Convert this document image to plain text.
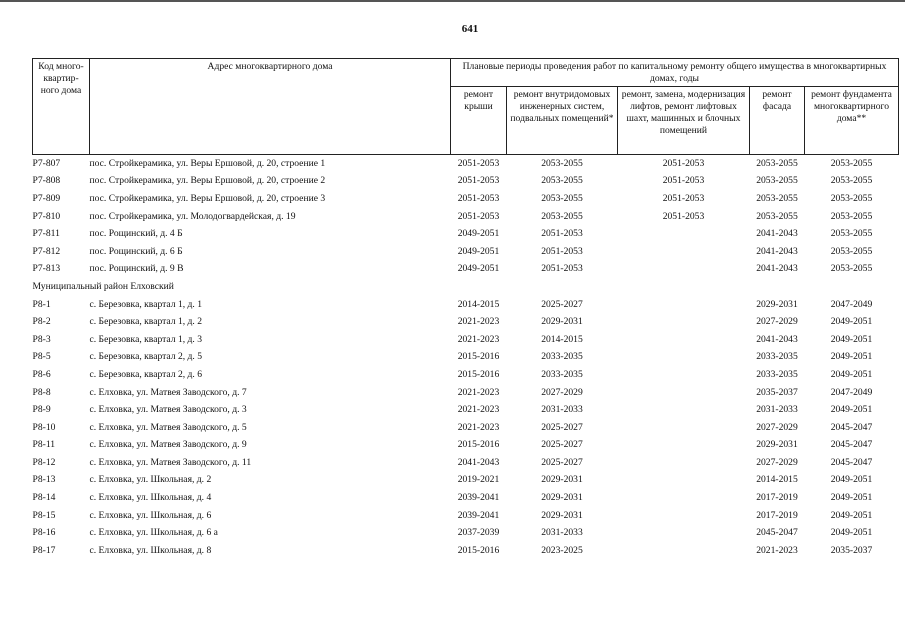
641
Код много-квартир-ного дома	Адрес многоквартирного дома	Плановые периоды проведения работ по капитальному ремонту общего имущества в многоквартирных домах, годы				
		ремонт крыши	ремонт внутридомовых инженерных систем, подвальных помещений*	ремонт, замена, модернизация лифтов, ремонт лифтовых шахт, машинных и блочных помещений	ремонт фасада	ремонт фундамента многоквартирного дома**
Р7-807	пос. Стройкерамика, ул. Веры Ершовой, д. 20, строение 1	2051-2053	2053-2055	2051-2053	2053-2055	2053-2055
Р7-808	пос. Стройкерамика, ул. Веры Ершовой, д. 20, строение 2	2051-2053	2053-2055	2051-2053	2053-2055	2053-2055
Р7-809	пос. Стройкерамика, ул. Веры Ершовой, д. 20, строение 3	2051-2053	2053-2055	2051-2053	2053-2055	2053-2055
Р7-810	пос. Стройкерамика, ул. Молодогвардейская, д. 19	2051-2053	2053-2055	2051-2053	2053-2055	2053-2055
Р7-811	пос. Рощинский, д. 4 Б	2049-2051	2051-2053		2041-2043	2053-2055
Р7-812	пос. Рощинский, д. 6 Б	2049-2051	2051-2053		2041-2043	2053-2055
Р7-813	пос. Рощинский, д. 9 В	2049-2051	2051-2053		2041-2043	2053-2055
Муниципальный район Елховский						
Р8-1	с. Березовка, квартал 1, д. 1	2014-2015	2025-2027		2029-2031	2047-2049
Р8-2	с. Березовка, квартал 1, д. 2	2021-2023	2029-2031		2027-2029	2049-2051
Р8-3	с. Березовка, квартал 1, д. 3	2021-2023	2014-2015		2041-2043	2049-2051
Р8-5	с. Березовка, квартал 2, д. 5	2015-2016	2033-2035		2033-2035	2049-2051
Р8-6	с. Березовка, квартал 2, д. 6	2015-2016	2033-2035		2033-2035	2049-2051
Р8-8	с. Елховка, ул. Матвея Заводского, д. 7	2021-2023	2027-2029		2035-2037	2047-2049
Р8-9	с. Елховка, ул. Матвея Заводского, д. 3	2021-2023	2031-2033		2031-2033	2049-2051
Р8-10	с. Елховка, ул. Матвея Заводского, д. 5	2021-2023	2025-2027		2027-2029	2045-2047
Р8-11	с. Елховка, ул. Матвея Заводского, д. 9	2015-2016	2025-2027		2029-2031	2045-2047
Р8-12	с. Елховка, ул. Матвея Заводского, д. 11	2041-2043	2025-2027		2027-2029	2045-2047
Р8-13	с. Елховка, ул. Школьная, д. 2	2019-2021	2029-2031		2014-2015	2049-2051
Р8-14	с. Елховка, ул. Школьная, д. 4	2039-2041	2029-2031		2017-2019	2049-2051
Р8-15	с. Елховка, ул. Школьная, д. 6	2039-2041	2029-2031		2017-2019	2049-2051
Р8-16	с. Елховка, ул. Школьная, д. 6 а	2037-2039	2031-2033		2045-2047	2049-2051
Р8-17	с. Елховка, ул. Школьная, д. 8	2015-2016	2023-2025		2021-2023	2035-2037
